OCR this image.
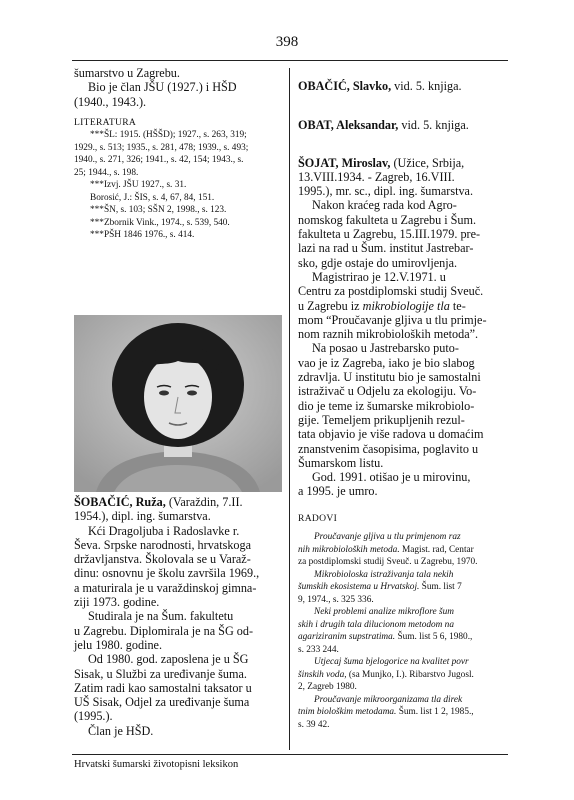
398
Hrvatski šumarski životopisni leksikon
šumarstvo u Zagrebu.
Bio je član JŠU (1927.) i HŠD
(1940., 1943.).
LITERATURA
***ŠL: 1915. (HŠŠD); 1927., s. 263, 319;
1929., s. 513; 1935., s. 281, 478; 1939., s. 493;
1940., s. 271, 326; 1941., s. 42, 154; 1943., s.
25; 1944., s. 198.
***Izvj. JŠU 1927., s. 31.
Borosić, J.: ŠIS, s. 4, 67, 84, 151.
***ŠN, s. 103; SŠN 2, 1998., s. 123.
***Zbornik Vink., 1974., s. 539, 540.
***PŠH 1846 1976., s. 414.
ŠOBAČIĆ, Ruža, (Varaždin, 7.II.
1954.), dipl. ing. šumarstva.
Kći Dragoljuba i Radoslavke r.
Ševa. Srpske narodnosti, hrvatskoga
državljanstva. Školovala se u Varaž-
dinu: osnovnu je školu završila 1969.,
a maturirala je u varaždinskoj gimna-
ziji 1973. godine.
Studirala je na Šum. fakultetu
u Zagrebu. Diplomirala je na ŠG od-
jelu 1980. godine.
Od 1980. god. zaposlena je u ŠG
Sisak, u Službi za uređivanje šuma.
Zatim radi kao samostalni taksator u
UŠ Sisak, Odjel za uređivanje šuma
(1995.).
Član je HŠD.
OBAČIĆ, Slavko, vid. 5. knjiga.
OBAT, Aleksandar, vid. 5. knjiga.
ŠOJAT, Miroslav, (Užice, Srbija,
13.VIII.1934. - Zagreb, 16.VIII.
1995.), mr. sc., dipl. ing. šumarstva.
Nakon kraćeg rada kod Agro-
nomskog fakulteta u Zagrebu i Šum.
fakulteta u Zagrebu, 15.III.1979. pre-
lazi na rad u Šum. institut Jastrebar-
sko, gdje ostaje do umirovljenja.
Magistrirao je 12.V.1971. u
Centru za postdiplomski studij Sveuč.
u Zagrebu iz mikrobiologije tla te-
mom “Proučavanje gljiva u tlu primjе-
nom raznih mikrobioloških metoda”.
Na posao u Jastrebarsko puto-
vao je iz Zagreba, iako je bio slabog
zdravlja. U institutu bio je samostalni
istraživač u Odjelu za ekologiju. Vo-
dio je teme iz šumarske mikrobiolo-
gije. Temeljem prikupljenih rezul-
tata objavio je više radova u domaćim
znanstvenim časopisima, poglavito u
Šumarskom listu.
God. 1991. otišao je u mirovinu,
a 1995. je umro.
RADOVI
Proučavanje gljiva u tlu primjenom raz
nih mikrobioloških metoda. Magist. rad, Centar
za postdiplomski studij Sveuč. u Zagrebu, 1970.
Mikrobioloska istraživanja tala nekih
šumskih ekosistema u Hrvatskoj. Šum. list 7
9, 1974., s. 325 336.
Neki problemi analize mikroflore šum
skih i drugih tala dilucionom metodom na
agariziranim supstratima. Šum. list 5 6, 1980.,
s. 233 244.
Utjecaj šuma bjelogorice na kvalitet povr
šinskih voda, (sa Munjko, I.). Ribarstvo Jugosl.
2, Zagreb 1980.
Proučavanje mikroorganizama tla direk
tnim biološkim metodama. Šum. list 1 2, 1985.,
s. 39 42.
